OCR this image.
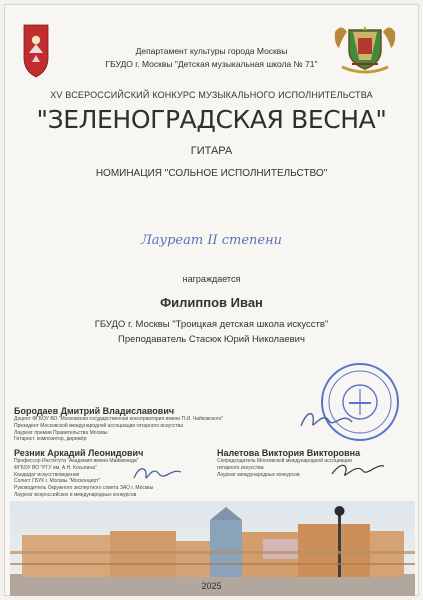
Департамент культуры города Москвы
ГБУДО г. Москвы "Детская музыкальная школа № 71"
XV ВСЕРОССИЙСКИЙ КОНКУРС МУЗЫКАЛЬНОГО ИСПОЛНИТЕЛЬСТВА
"ЗЕЛЕНОГРАДСКАЯ ВЕСНА"
ГИТАРА
НОМИНАЦИЯ "СОЛЬНОЕ ИСПОЛНИТЕЛЬСТВО"
Лауреат II степени
награждается
Филиппов Иван
ГБУДО г. Москвы "Троицкая детская школа искусств"
Преподаватель Стасюк Юрий Николаевич
Бородаев Дмитрий Владиславович
Доцент ФГБОУ ВО "Московская государственная консерватория имени П.И. Чайковского"
Президент Московской международной ассоциации гитарного искусства
Лауреат премии Правительства Москвы
Гитарист, композитор, дирижёр
Резник Аркадий Леонидович
Профессор Института "Академия имени Маймонида"
ФГБОУ ВО "РГУ им. А.Н. Косыгина"
Кандидат искусствоведения
Солист ГБУК г. Москвы "Москонцерт"
Руководитель Окружного экспертного совета ЗАО г. Москвы
Лауреат всероссийских и международных конкурсов
Налетова Виктория Викторовна
Сопредседатель Московской международной ассоциации
гитарного искусства
Лауреат международных конкурсов
2025
